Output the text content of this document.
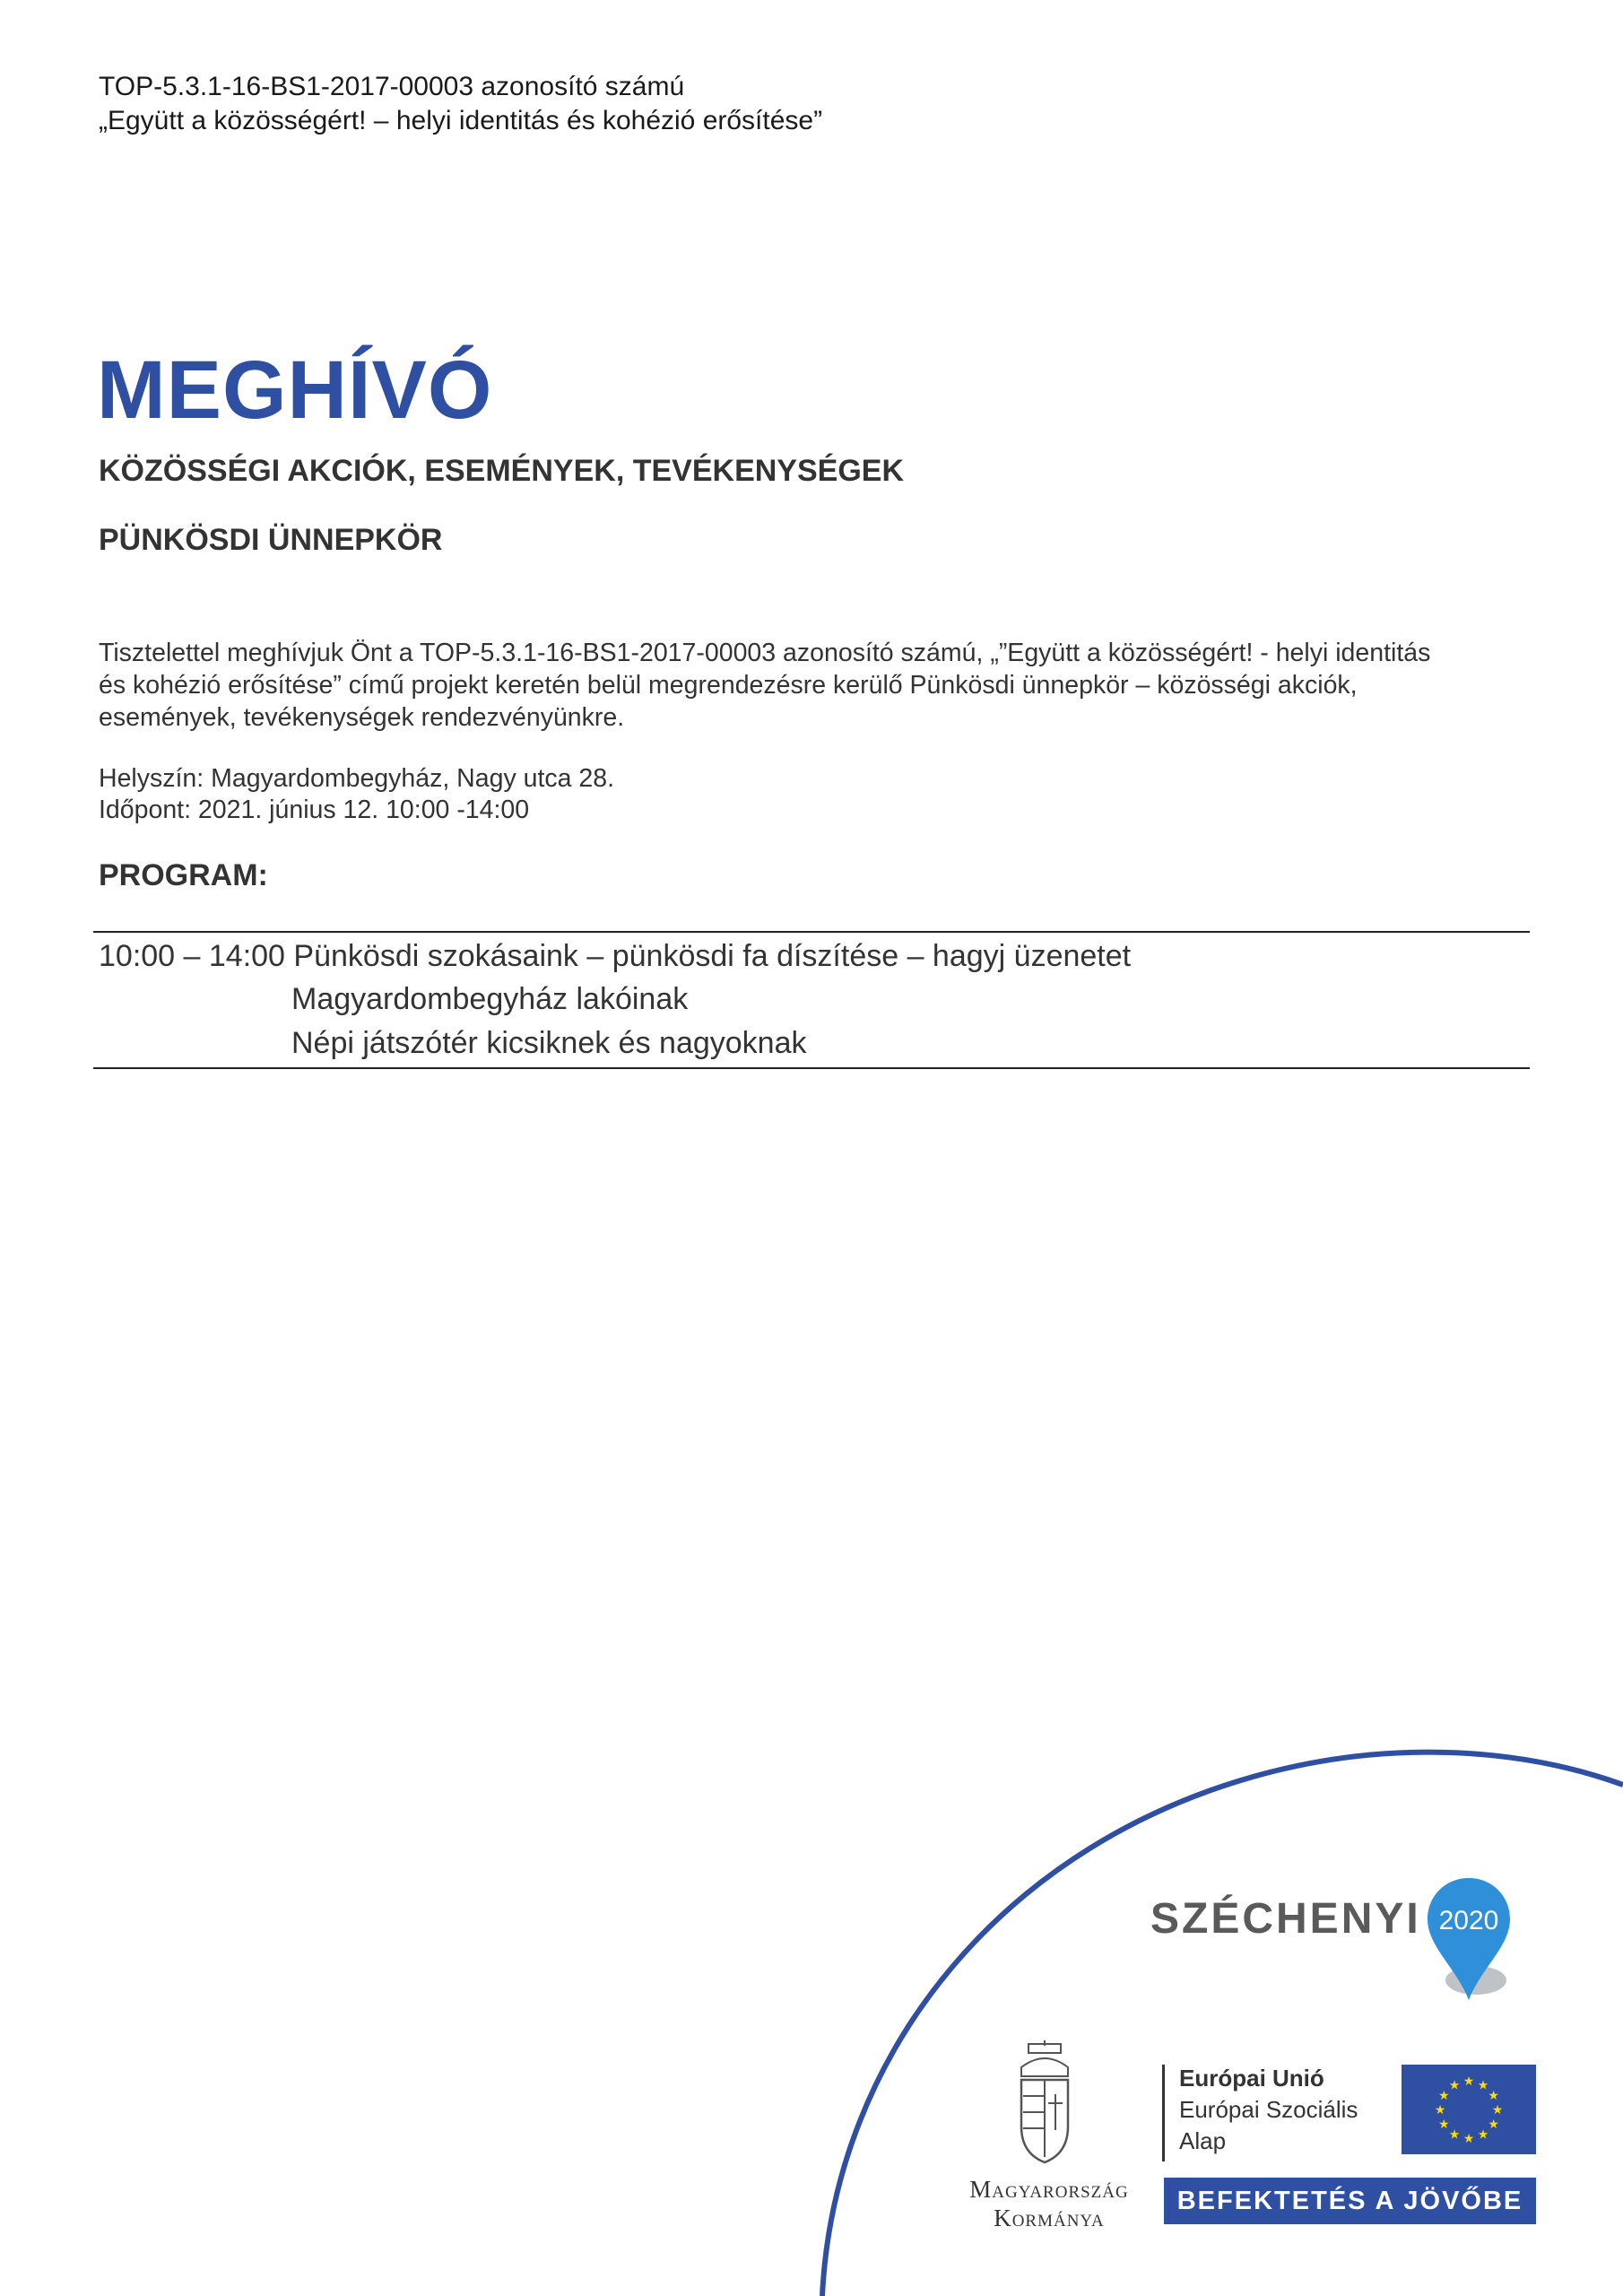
TOP-5.3.1-16-BS1-2017-00003 azonosító számú
„Együtt a közösségért! – helyi identitás és kohézió erősítése”
MEGHÍVÓ
KÖZÖSSÉGI AKCIÓK, ESEMÉNYEK, TEVÉKENYSÉGEK
PÜNKÖSDI ÜNNEPKÖR
Tisztelettel meghívjuk Önt a TOP-5.3.1-16-BS1-2017-00003 azonosító számú, „”Együtt a közösségért! - helyi identitás
és kohézió erősítése” című projekt keretén belül megrendezésre kerülő Pünkösdi ünnepkör – közösségi akciók,
események, tevékenységek rendezvényünkre.
Helyszín: Magyardombegyház, Nagy utca 28.
Időpont: 2021. június 12. 10:00 -14:00
PROGRAM:
10:00 – 14:00 Pünkösdi szokásaink – pünkösdi fa díszítése – hagyj üzenetet
Magyardombegyház lakóinak
Népi játszótér kicsiknek és nagyoknak
SZÉCHENYI 2020
Magyarország
Kormánya
Európai Unió
Európai Szociális
Alap
★ ★
★
★
★
★
★
★
★
★
★
★
BEFEKTETÉS A JÖVŐBE
